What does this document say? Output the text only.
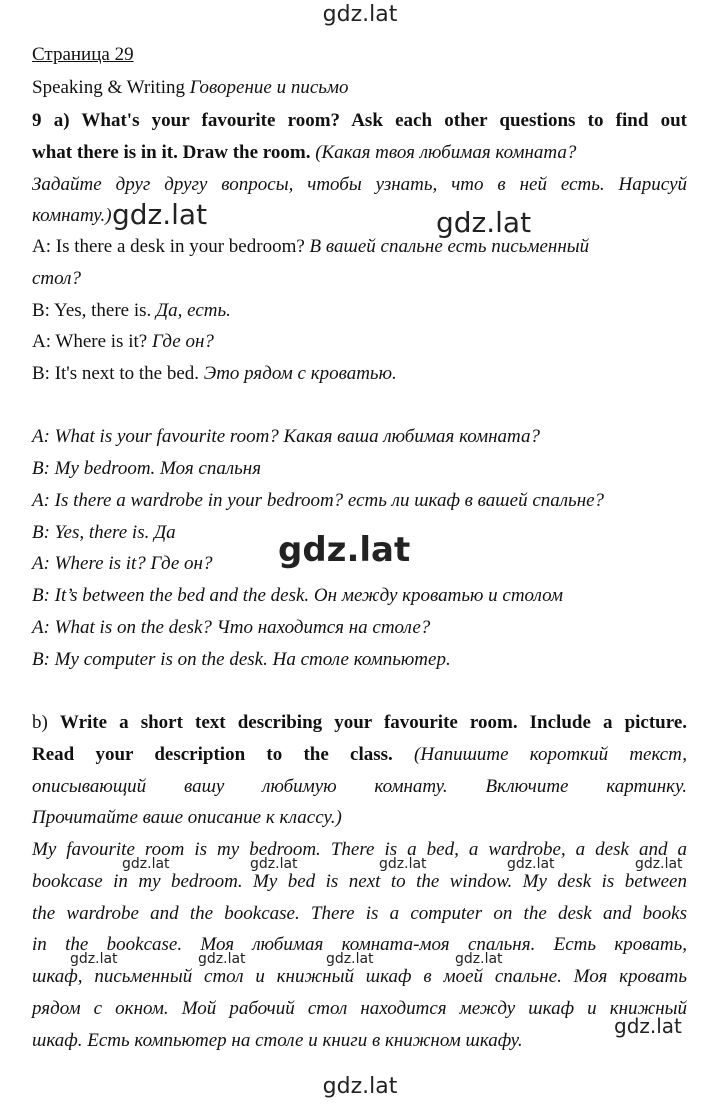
gdz.lat
gdz.lat	gdz.lat
gdz.lat
Страница 29
Speaking & Writing Говорение и письмо
9 a) What's your favourite room? Ask each other questions to find out
what there is in it. Draw the room. (Какая твоя любимая комната?
Задайте друг другу вопросы, чтобы узнать, что в ней есть. Нарисуй
комнату.)
A: Is there a desk in your bedroom? В вашей спальне есть письменный
стол?
B: Yes, there is. Да, есть.
A: Where is it? Где он?
B: It's next to the bed. Это рядом с кроватью.
A: What is your favourite room? Какая ваша любимая комната?
B: My bedroom. Моя спальня
A: Is there a wardrobe in your bedroom? есть ли шкаф в вашей спальне?
B: Yes, there is. Да
A: Where is it? Где он?
B: It’s between the bed and the desk. Он между кроватью и столом
A: What is on the desk? Что находится на столе?
B: My computer is on the desk. На столе компьютер.
b) Write a short text describing your favourite room. Include a picture.
Read your description to the class. (Напишите короткий текст,
описывающий вашу любимую комнату. Включите картинку.
Прочитайте ваше описание к классу.)
My favourite room is my bedroom. There is a bed, a wardrobe, a desk and a
bookcase in my bedroom. My bed is next to the window. My desk is between
the wardrobe and the bookcase. There is a computer on the desk and books
in the bookcase. Моя любимая комната-моя спальня. Есть кровать,
шкаф, письменный стол и книжный шкаф в моей спальне. Моя кровать
рядом с окном. Мой рабочий стол находится между шкаф и книжный
шкаф. Есть компьютер на столе и книги в книжном шкафу.
gdz.lat	gdz.lat	gdz.lat	gdz.lat	gdz.lat
gdz.lat	gdz.lat	gdz.lat	gdz.lat
gdz.lat
gdz.lat
